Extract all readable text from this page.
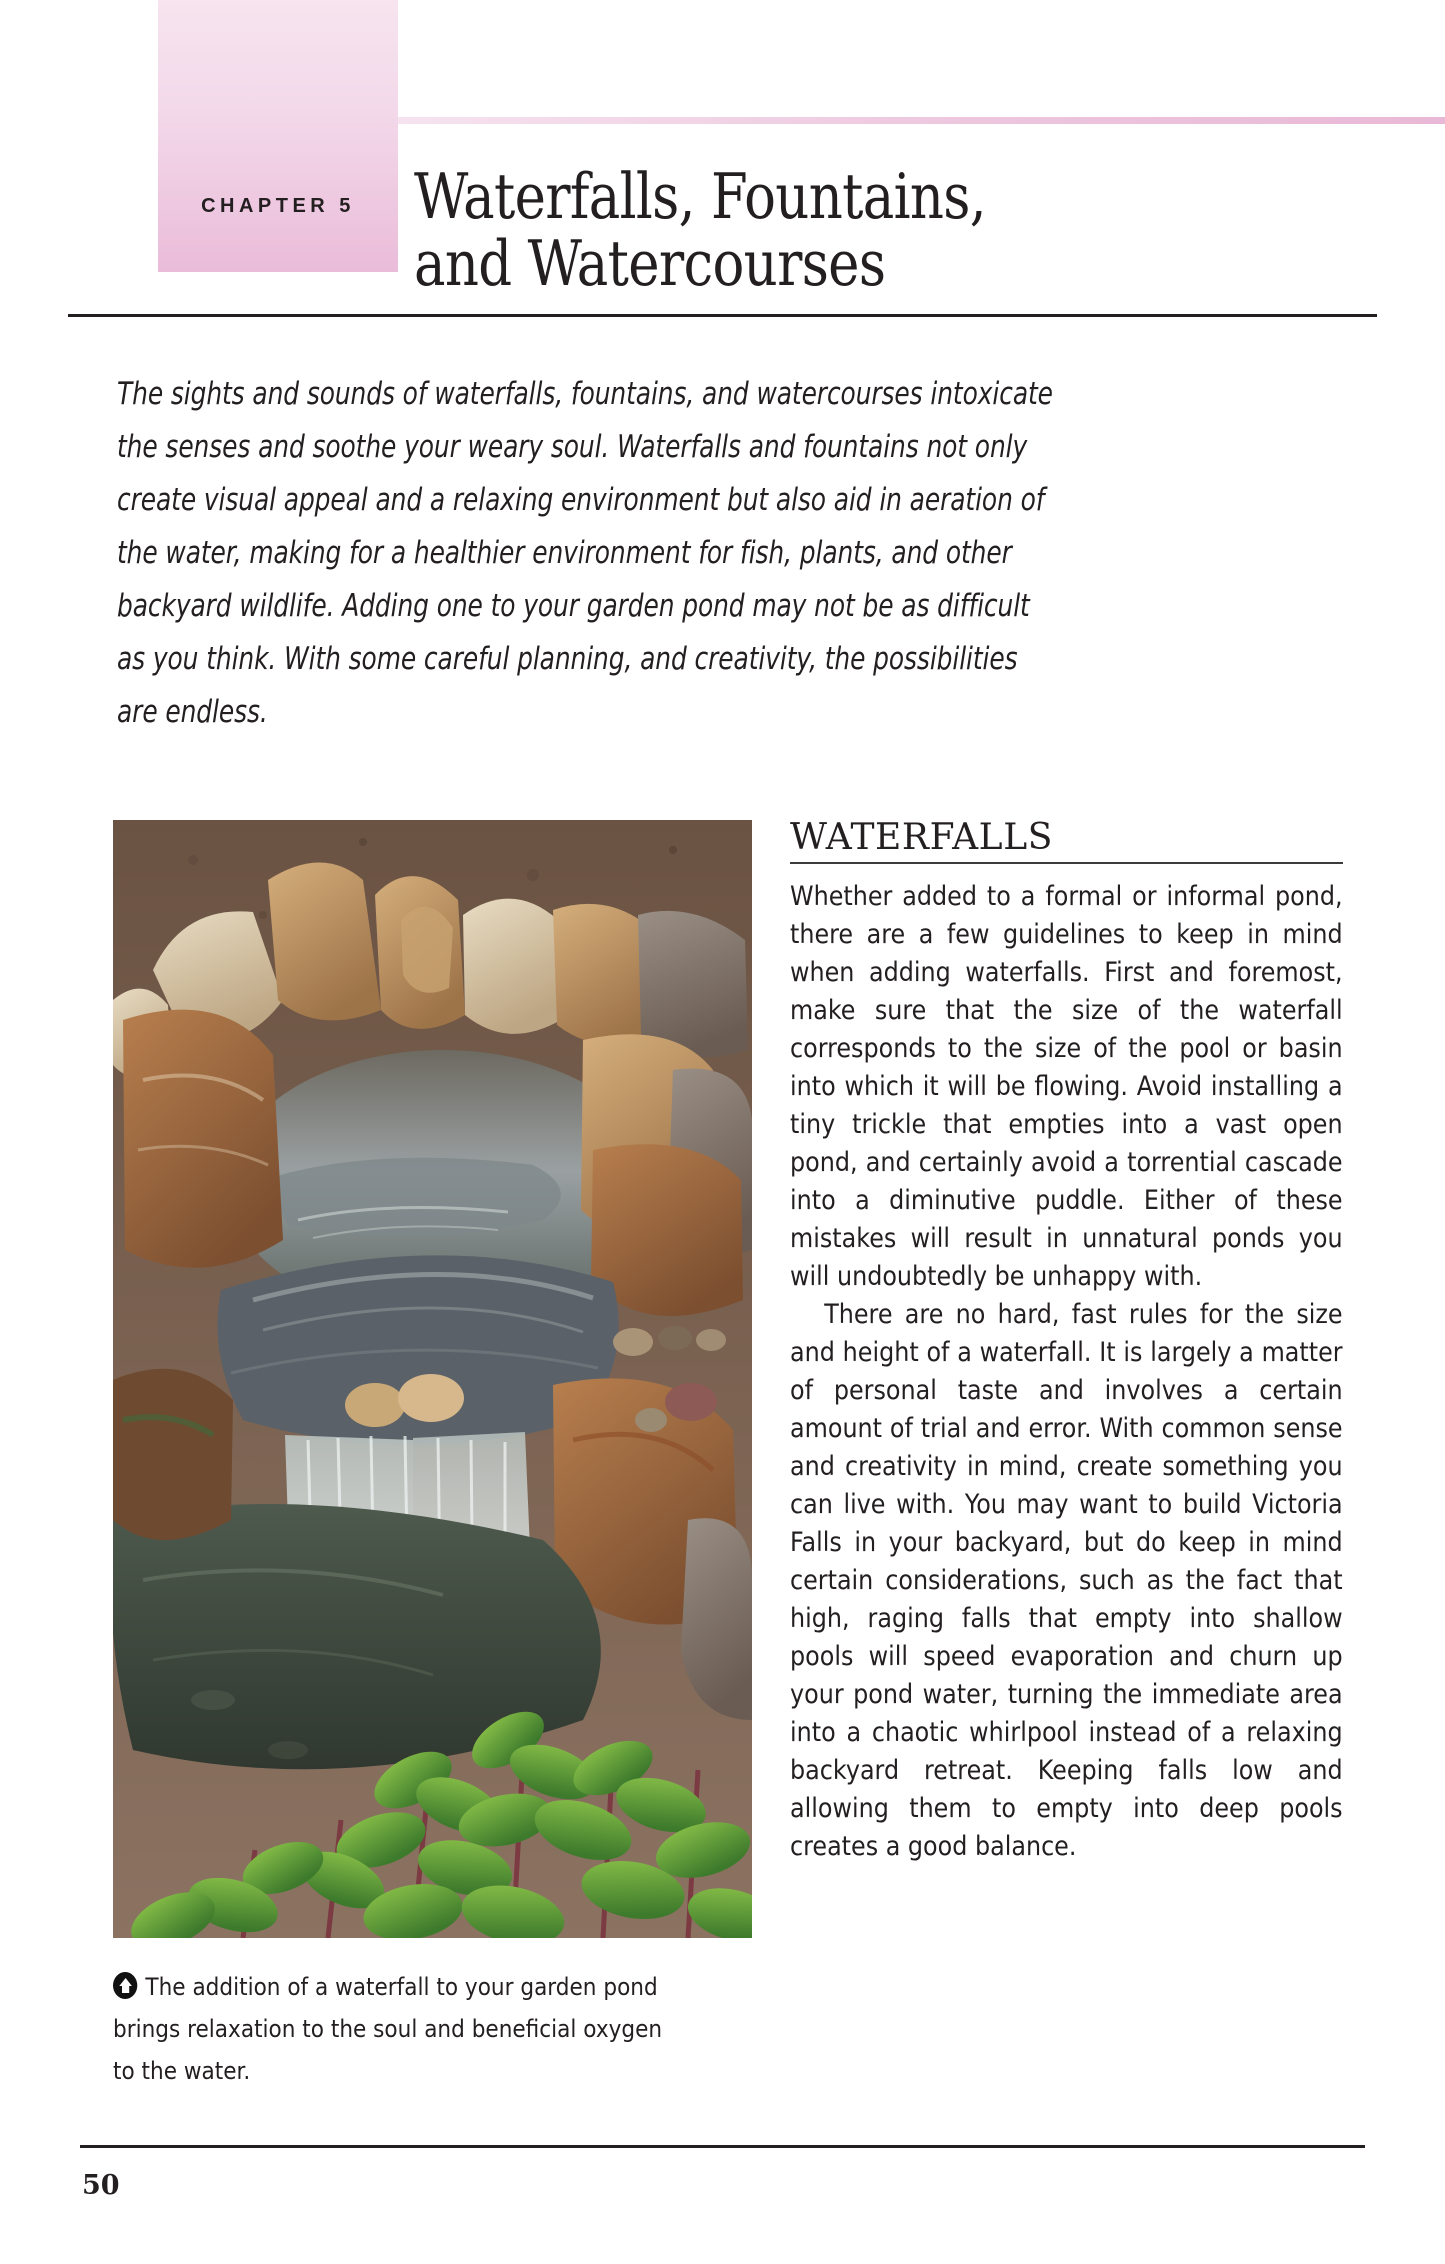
CHAPTER 5 Waterfalls, Fountains,
and Watercourses
The sights and sounds of waterfalls, fountains, and watercourses intoxicate the senses and soothe your weary soul. Waterfalls and fountains not only create visual appeal and a relaxing environment but also aid in aeration of the water, making for a healthier environment for fish, plants, and other backyard wildlife. Adding one to your garden pond may not be as difficult as you think. With some careful planning, and creativity, the possibilities are endless.
The addition of a waterfall to your garden pond brings relaxation to the soul and beneficial oxygen to the water.
WATERFALLS

Whether added to a formal or informal pond, there are a few guidelines to keep in mind when adding waterfalls. First and foremost, make sure that the size of the waterfall corresponds to the size of the pool or basin into which it will be flowing. Avoid installing a tiny trickle that empties into a vast open pond, and certainly avoid a torrential cascade into a diminutive puddle. Either of these mistakes will result in unnatural ponds you will undoubtedly be unhappy with.

There are no hard, fast rules for the size and height of a waterfall. It is largely a matter of personal taste and involves a certain amount of trial and error. With common sense and creativity in mind, create something you can live with. You may want to build Victoria Falls in your backyard, but do keep in mind certain considerations, such as the fact that high, raging falls that empty into shallow pools will speed evaporation and churn up your pond water, turning the immediate area into a chaotic whirlpool instead of a relaxing backyard retreat. Keeping falls low and allowing them to empty into deep pools creates a good balance.

50
